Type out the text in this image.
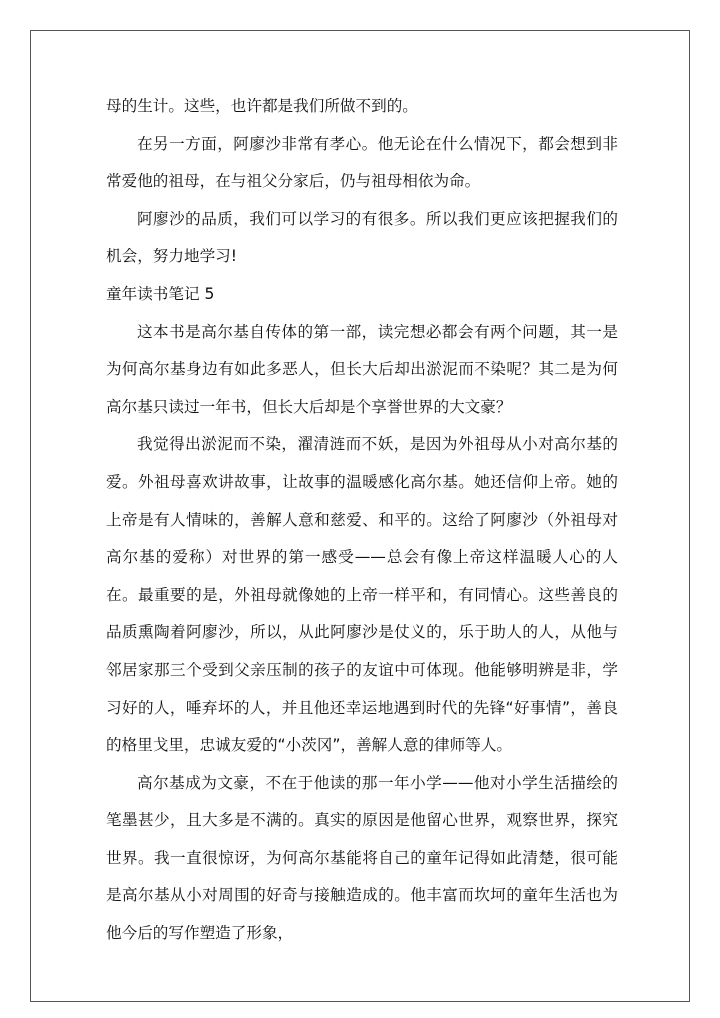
母的生计。这些，也许都是我们所做不到的。

在另一方面，阿廖沙非常有孝心。他无论在什么情况下，都会想到非常爱他的祖母，在与祖父分家后，仍与祖母相依为命。

阿廖沙的品质，我们可以学习的有很多。所以我们更应该把握我们的机会，努力地学习!

童年读书笔记 5

这本书是高尔基自传体的第一部，读完想必都会有两个问题，其一是为何高尔基身边有如此多恶人，但长大后却出淤泥而不染呢？其二是为何高尔基只读过一年书，但长大后却是个享誉世界的大文豪？

我觉得出淤泥而不染，濯清涟而不妖，是因为外祖母从小对高尔基的爱。外祖母喜欢讲故事，让故事的温暖感化高尔基。她还信仰上帝。她的上帝是有人情味的，善解人意和慈爱、和平的。这给了阿廖沙（外祖母对高尔基的爱称）对世界的第一感受——总会有像上帝这样温暖人心的人在。最重要的是，外祖母就像她的上帝一样平和，有同情心。这些善良的品质熏陶着阿廖沙，所以，从此阿廖沙是仗义的，乐于助人的人，从他与邻居家那三个受到父亲压制的孩子的友谊中可体现。他能够明辨是非，学习好的人，唾弃坏的人，并且他还幸运地遇到时代的先锋“好事情”，善良的格里戈里，忠诚友爱的“小茨冈”，善解人意的律师等人。

高尔基成为文豪，不在于他读的那一年小学——他对小学生活描绘的笔墨甚少，且大多是不满的。真实的原因是他留心世界，观察世界，探究世界。我一直很惊讶，为何高尔基能将自己的童年记得如此清楚，很可能是高尔基从小对周围的好奇与接触造成的。他丰富而坎坷的童年生活也为他今后的写作塑造了形象，
